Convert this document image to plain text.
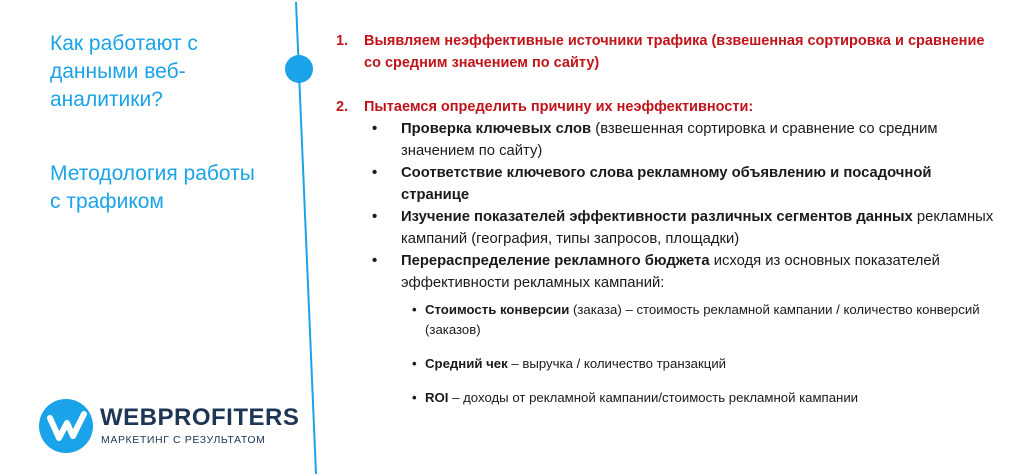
Как работают с данными веб-аналитики?
Методология работы с трафиком
1. Выявляем неэффективные источники трафика (взвешенная сортировка и сравнение со средним значением по сайту)
2. Пытаемся определить причину их неэффективности:
• Проверка ключевых слов (взвешенная сортировка и сравнение со средним значением по сайту)
• Соответствие ключевого слова рекламному объявлению и посадочной странице
• Изучение показателей эффективности различных сегментов данных рекламных кампаний (география, типы запросов, площадки)
• Перераспределение рекламного бюджета исходя из основных показателей эффективности рекламных кампаний:
• Стоимость конверсии (заказа) – стоимость рекламной кампании / количество конверсий (заказов)
• Средний чек – выручка / количество транзакций
• ROI – доходы от рекламной кампании/стоимость рекламной кампании
WEBPROFITERS
МАРКЕТИНГ С РЕЗУЛЬТАТОМ
